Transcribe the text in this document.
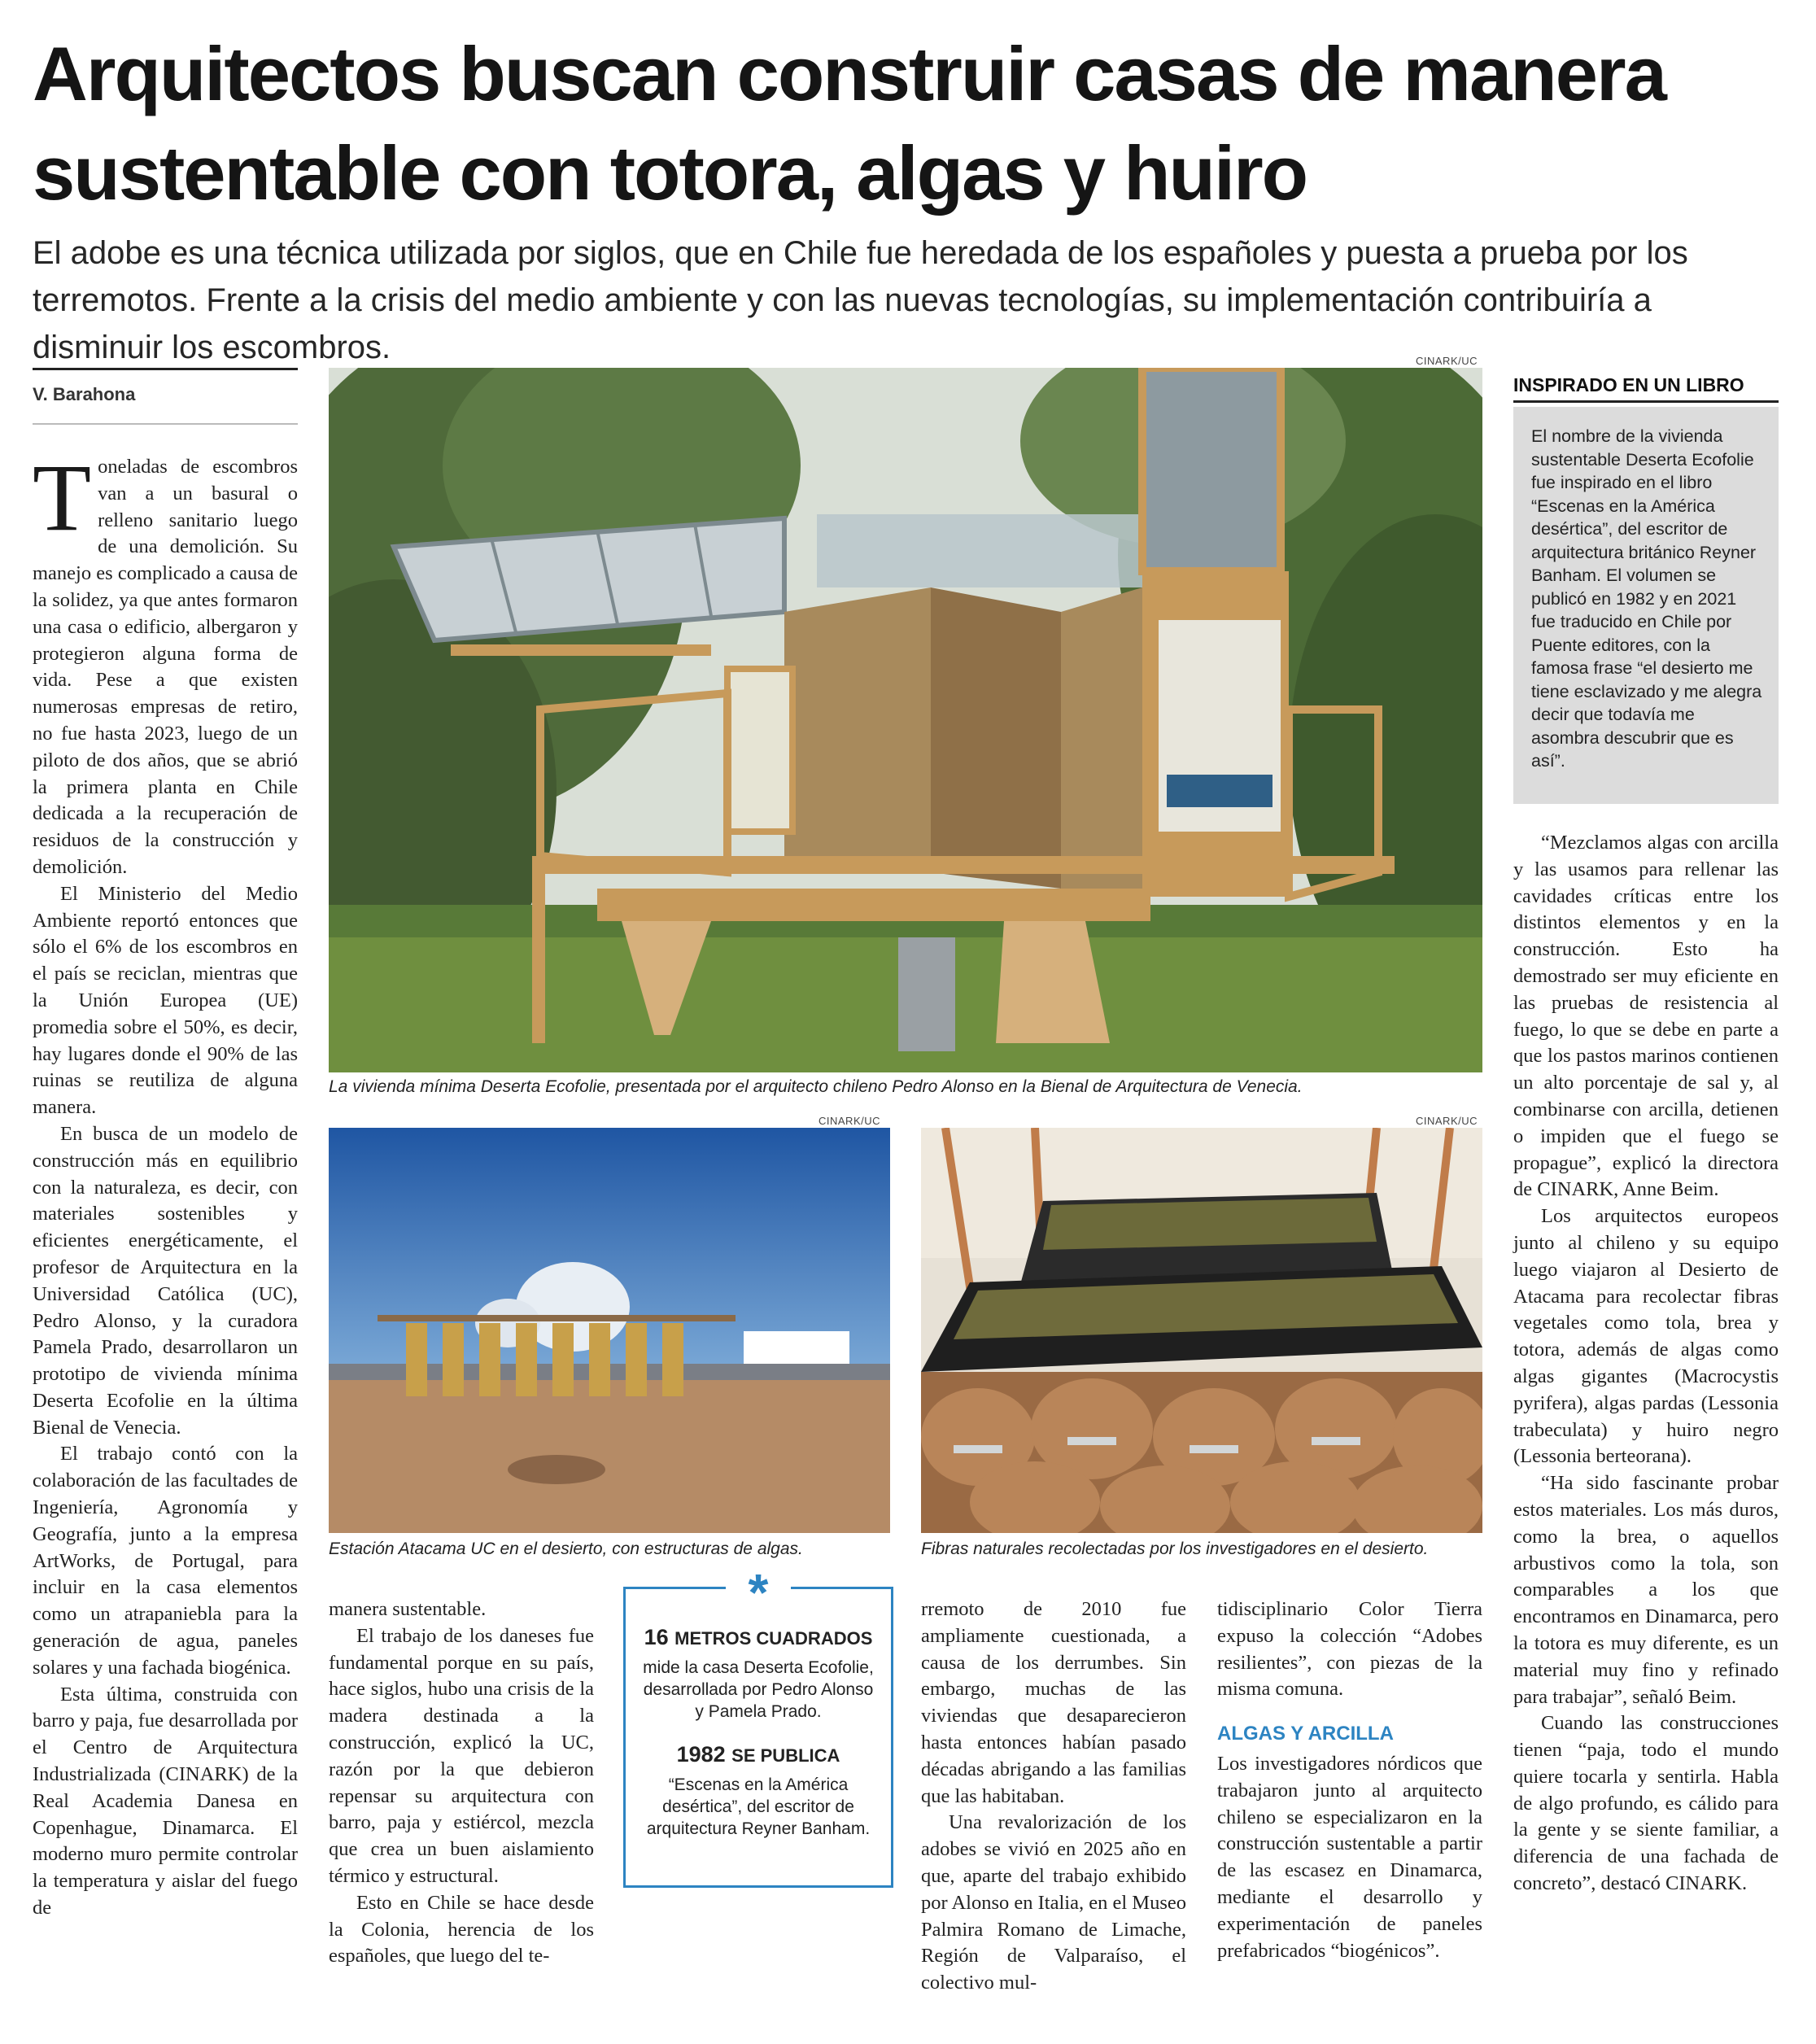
Arquitectos buscan construir casas de manera sustentable con totora, algas y huiro

El adobe es una técnica utilizada por siglos, que en Chile fue heredada de los españoles y puesta a prueba por los terremotos. Frente a la crisis del medio ambiente y con las nuevas tecnologías, su implementación contribuiría a disminuir los escombros.

V. Barahona
T oneladas de escombros van a un basural o relleno sanitario luego de una demolición. Su manejo es complicado a causa de la solidez, ya que antes formaron una casa o edificio, albergaron y protegieron alguna forma de vida. Pese a que existen numerosas empresas de retiro, no fue hasta 2023, luego de un piloto de dos años, que se abrió la primera planta en Chile dedicada a la recuperación de residuos de la construcción y demolición.

El Ministerio del Medio Ambiente reportó entonces que sólo el 6% de los escombros en el país se reciclan, mientras que la Unión Europea (UE) promedia sobre el 50%, es decir, hay lugares donde el 90% de las ruinas se reutiliza de alguna manera.

En busca de un modelo de construcción más en equilibrio con la naturaleza, es decir, con materiales sostenibles y eficientes energéticamente, el profesor de Arquitectura en la Universidad Católica (UC), Pedro Alonso, y la curadora Pamela Prado, desarrollaron un prototipo de vivienda mínima Deserta Ecofolie en la última Bienal de Venecia.

El trabajo contó con la colaboración de las facultades de Ingeniería, Agronomía y Geografía, junto a la empresa ArtWorks, de Portugal, para incluir en la casa elementos como un atrapaniebla para la generación de agua, paneles solares y una fachada biogénica.

Esta última, construida con barro y paja, fue desarrollada por el Centro de Arquitectura Industrializada (CINARK) de la Real Academia Danesa en Copenhague, Dinamarca. El moderno muro permite controlar la temperatura y aislar del fuego de

CINARK/UC
La vivienda mínima Deserta Ecofolie, presentada por el arquitecto chileno Pedro Alonso en la Bienal de Arquitectura de Venecia.
CINARK/UC
Estación Atacama UC en el desierto, con estructuras de algas.
CINARK/UC
Fibras naturales recolectadas por los investigadores en el desierto.

manera sustentable.

El trabajo de los daneses fue fundamental porque en su país, hace siglos, hubo una crisis de la madera destinada a la construcción, explicó la UC, razón por la que debieron repensar su arquitectura con barro, paja y estiércol, mezcla que crea un buen aislamiento térmico y estructural.

Esto en Chile se hace desde la Colonia, herencia de los españoles, que luego del te-

*
16 METROS CUADRADOS
mide la casa Deserta Ecofolie, desarrollada por Pedro Alonso y Pamela Prado.
1982 SE PUBLICA
“Escenas en la América desértica”, del escritor de arquitectura Reyner Banham.

rremoto de 2010 fue ampliamente cuestionada, a causa de los derrumbes. Sin embargo, muchas de las viviendas que desaparecieron hasta entonces habían pasado décadas abrigando a las familias que las habitaban.

Una revalorización de los adobes se vivió en 2025 año en que, aparte del trabajo exhibido por Alonso en Italia, en el Museo Palmira Romano de Limache, Región de Valparaíso, el colectivo mul-

tidisciplinario Color Tierra expuso la colección “Adobes resilientes”, con piezas de la misma comuna.

ALGAS Y ARCILLA

Los investigadores nórdicos que trabajaron junto al arquitecto chileno se especializaron en la construcción sustentable a partir de las escasez en Dinamarca, mediante el desarrollo y experimentación de paneles prefabricados “biogénicos”.

INSPIRADO EN UN LIBRO
El nombre de la vivienda sustentable Deserta Ecofolie fue inspirado en el libro “Escenas en la América desértica”, del escritor de arquitectura británico Reyner Banham. El volumen se publicó en 1982 y en 2021 fue traducido en Chile por Puente editores, con la famosa frase “el desierto me tiene esclavizado y me alegra decir que todavía me asombra descubrir que es así”.

“Mezclamos algas con arcilla y las usamos para rellenar las cavidades críticas entre los distintos elementos y en la construcción. Esto ha demostrado ser muy eficiente en las pruebas de resistencia al fuego, lo que se debe en parte a que los pastos marinos contienen un alto porcentaje de sal y, al combinarse con arcilla, detienen o impiden que el fuego se propague”, explicó la directora de CINARK, Anne Beim.

Los arquitectos europeos junto al chileno y su equipo luego viajaron al Desierto de Atacama para recolectar fibras vegetales como tola, brea y totora, además de algas como algas gigantes (Macrocystis pyrifera), algas pardas (Lessonia trabeculata) y huiro negro (Lessonia berteorana).

“Ha sido fascinante probar estos materiales. Los más duros, como la brea, o aquellos arbustivos como la tola, son comparables a los que encontramos en Dinamarca, pero la totora es muy diferente, es un material muy fino y refinado para trabajar”, señaló Beim.

Cuando las construcciones tienen “paja, todo el mundo quiere tocarla y sentirla. Habla de algo profundo, es cálido para la gente y se siente familiar, a diferencia de una fachada de concreto”, destacó CINARK.
